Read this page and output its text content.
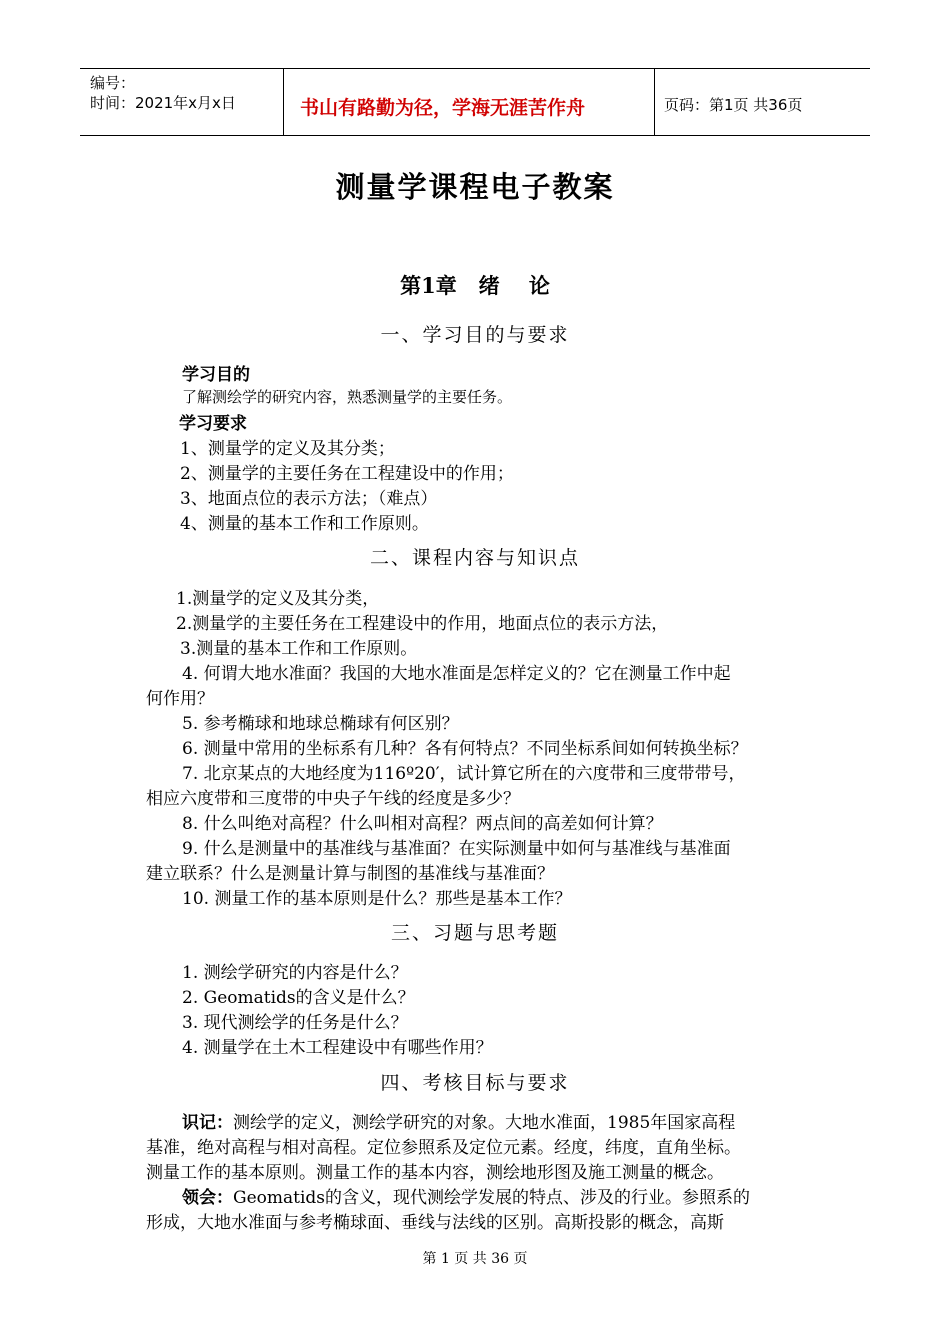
编号：
时间：2021年x月x日	书山有路勤为径，学海无涯苦作舟	页码：第1页 共36页
测量学课程电子教案
第1章   绪    论
一、学习目的与要求
学习目的
了解测绘学的研究内容，熟悉测量学的主要任务。
学习要求
1、测量学的定义及其分类；
2、测量学的主要任务在工程建设中的作用；
3、地面点位的表示方法；（难点）
4、测量的基本工作和工作原则。
二、课程内容与知识点
1.测量学的定义及其分类，
2.测量学的主要任务在工程建设中的作用，地面点位的表示方法，
3.测量的基本工作和工作原则。
4. 何谓大地水准面？我国的大地水准面是怎样定义的？它在测量工作中起
何作用？
5. 参考椭球和地球总椭球有何区别？
6. 测量中常用的坐标系有几种？各有何特点？不同坐标系间如何转换坐标？
7. 北京某点的大地经度为116º20′，试计算它所在的六度带和三度带带号，
相应六度带和三度带的中央子午线的经度是多少？
8. 什么叫绝对高程？什么叫相对高程？两点间的高差如何计算？
9. 什么是测量中的基准线与基准面？在实际测量中如何与基准线与基准面
建立联系？什么是测量计算与制图的基准线与基准面？
10. 测量工作的基本原则是什么？那些是基本工作？
三、习题与思考题
1. 测绘学研究的内容是什么？
2. Geomatids的含义是什么？
3. 现代测绘学的任务是什么？
4. 测量学在土木工程建设中有哪些作用？
四、考核目标与要求
识记：测绘学的定义，测绘学研究的对象。大地水准面，1985年国家高程
基准，绝对高程与相对高程。定位参照系及定位元素。经度，纬度，直角坐标。
测量工作的基本原则。测量工作的基本内容，测绘地形图及施工测量的概念。
领会：Geomatids的含义，现代测绘学发展的特点、涉及的行业。参照系的
形成，大地水准面与参考椭球面、垂线与法线的区别。高斯投影的概念，高斯
第 1 页 共 36 页
